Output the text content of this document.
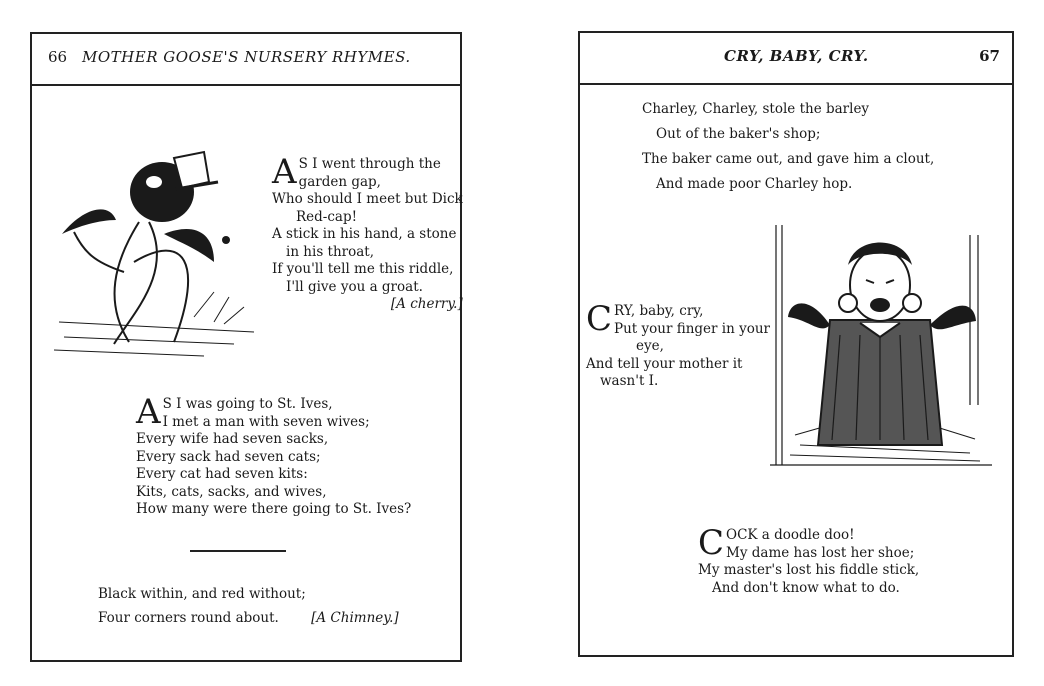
66 MOTHER GOOSE'S NURSERY RHYMES.
A S I went through the
garden gap,
Who should I meet but Dick
Red-cap!
A stick in his hand, a stone
in his throat,
If you'll tell me this riddle,
I'll give you a groat.
[A cherry.]
A S I was going to St. Ives,
I met a man with seven wives;
Every wife had seven sacks,
Every sack had seven cats;
Every cat had seven kits:
Kits, cats, sacks, and wives,
How many were there going to St. Ives?
Black within, and red without;
Four corners round about. [A Chimney.]
CRY, BABY, CRY.	67
Charley, Charley, stole the barley
Out of the baker's shop;
The baker came out, and gave him a clout,
And made poor Charley hop.
C RY, baby, cry,
Put your finger in your
eye,
And tell your mother it
wasn't I.
C OCK a doodle doo!
My dame has lost her shoe;
My master's lost his fiddle stick,
And don't know what to do.
